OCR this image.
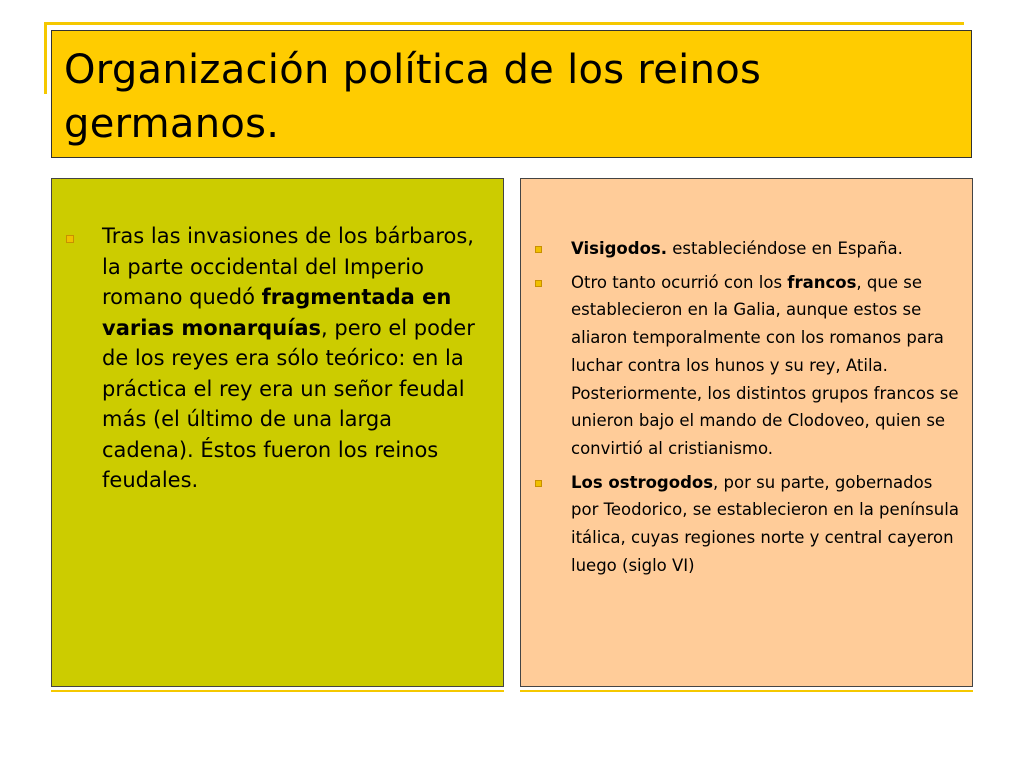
Organización política de los reinos germanos.
Tras las invasiones de los bárbaros, la parte occidental del Imperio romano quedó fragmentada en varias monarquías, pero el poder de los reyes era sólo teórico: en la práctica el rey era un señor feudal más (el último de una larga cadena). Éstos fueron los reinos feudales.
Visigodos. estableciéndose en España.
Otro tanto ocurrió con los francos, que se establecieron en la Galia, aunque estos se aliaron temporalmente con los romanos para luchar contra los hunos y su rey, Atila. Posteriormente, los distintos grupos francos se unieron bajo el mando de Clodoveo, quien se convirtió al cristianismo.
Los ostrogodos, por su parte, gobernados por Teodorico, se establecieron en la península itálica, cuyas regiones norte y central cayeron luego (siglo VI)
